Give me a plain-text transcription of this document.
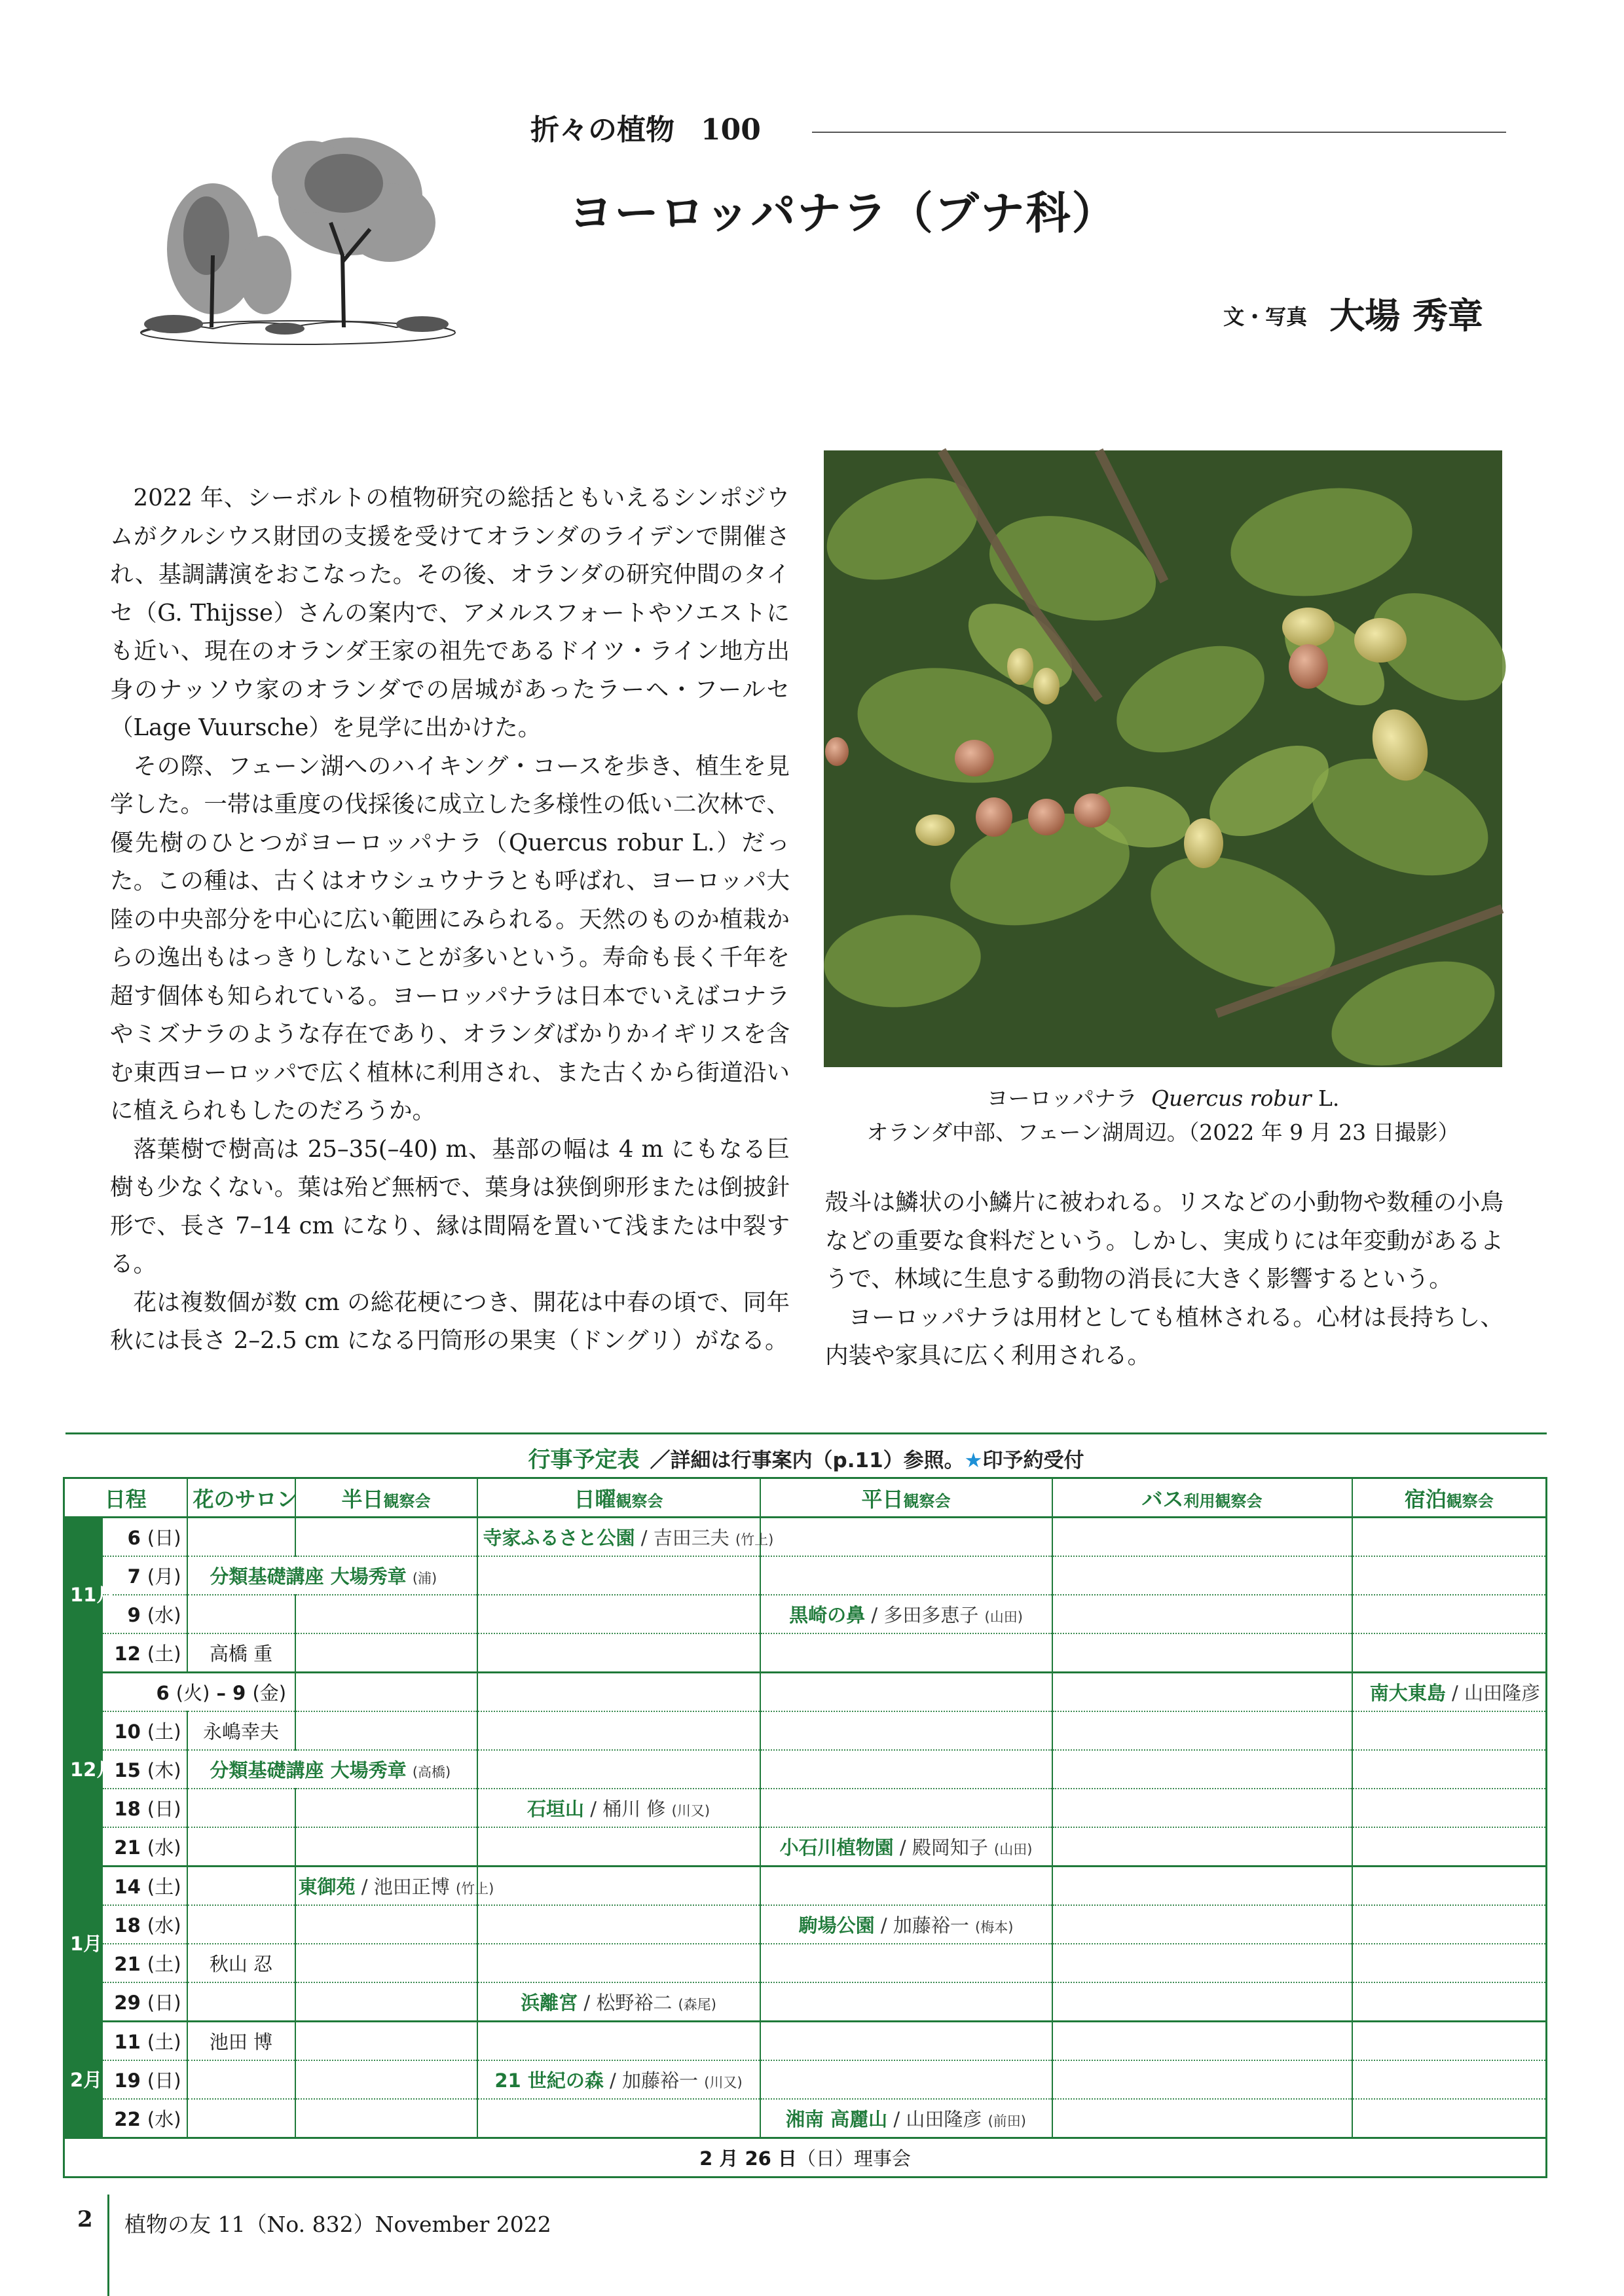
折々の植物 100
ヨーロッパナラ（ブナ科）
文・写真 大場 秀章

2022 年、シーボルトの植物研究の総括ともいえるシンポジウムがクルシウス財団の支援を受けてオランダのライデンで開催され、基調講演をおこなった。その後、オランダの研究仲間のタイセ（G. Thijsse）さんの案内で、アメルスフォートやソエストにも近い、現在のオランダ王家の祖先であるドイツ・ライン地方出身のナッソウ家のオランダでの居城があったラーヘ・フールセ（Lage Vuursche）を見学に出かけた。

その際、フェーン湖へのハイキング・コースを歩き、植生を見学した。一帯は重度の伐採後に成立した多様性の低い二次林で、優先樹のひとつがヨーロッパナラ（Quercus robur L.）だった。この種は、古くはオウシュウナラとも呼ばれ、ヨーロッパ大陸の中央部分を中心に広い範囲にみられる。天然のものか植栽からの逸出もはっきりしないことが多いという。寿命も長く千年を超す個体も知られている。ヨーロッパナラは日本でいえばコナラやミズナラのような存在であり、オランダばかりかイギリスを含む東西ヨーロッパで広く植林に利用され、また古くから街道沿いに植えられもしたのだろうか。

落葉樹で樹高は 25–35(–40) m、基部の幅は 4 m にもなる巨樹も少なくない。葉は殆ど無柄で、葉身は狭倒卵形または倒披針形で、長さ 7–14 cm になり、縁は間隔を置いて浅または中裂する。

花は複数個が数 cm の総花梗につき、開花は中春の頃で、同年秋には長さ 2–2.5 cm になる円筒形の果実（ドングリ）がなる。

ヨーロッパナラ Quercus robur L.
オランダ中部、フェーン湖周辺。（2022 年 9 月 23 日撮影）

殻斗は鱗状の小鱗片に被われる。リスなどの小動物や数種の小鳥などの重要な食料だという。しかし、実成りには年変動があるようで、林域に生息する動物の消長に大きく影響するという。

ヨーロッパナラは用材としても植林される。心材は長持ちし、内装や家具に広く利用される。

行事予定表 ／詳細は行事案内（p.11）参照。★印予約受付
日程		花のサロン	半日観察会	日曜観察会	平日観察会	バス利用観察会	宿泊観察会
11月	6 (日)			寺家ふるさと公園 / 吉田三夫 (竹上)			
	7 (月)	分類基礎講座 大場秀章 (浦)					
	9 (水)				黒崎の鼻 / 多田多恵子 (山田)		
	12 (土)	高橋 重					
12月	6 (火) – 9 (金)						南大東島 / 山田隆彦
	10 (土)	永嶋幸夫					
	15 (木)	分類基礎講座 大場秀章 (高橋)					
	18 (日)			石垣山 / 桶川 修 (川又)			
	21 (水)				小石川植物園 / 殿岡知子 (山田)		
1月	14 (土)		東御苑 / 池田正博 (竹上)				
	18 (水)				駒場公園 / 加藤裕一 (梅本)		
	21 (土)	秋山 忍					
	29 (日)			浜離宮 / 松野裕二 (森尾)			
2月	11 (土)	池田 博					
	19 (日)			21 世紀の森 / 加藤裕一 (川又)			
	22 (水)				湘南 高麗山 / 山田隆彦 (前田)		
2 月 26 日（日）理事会							
2 植物の友 11（No. 832）November 2022
